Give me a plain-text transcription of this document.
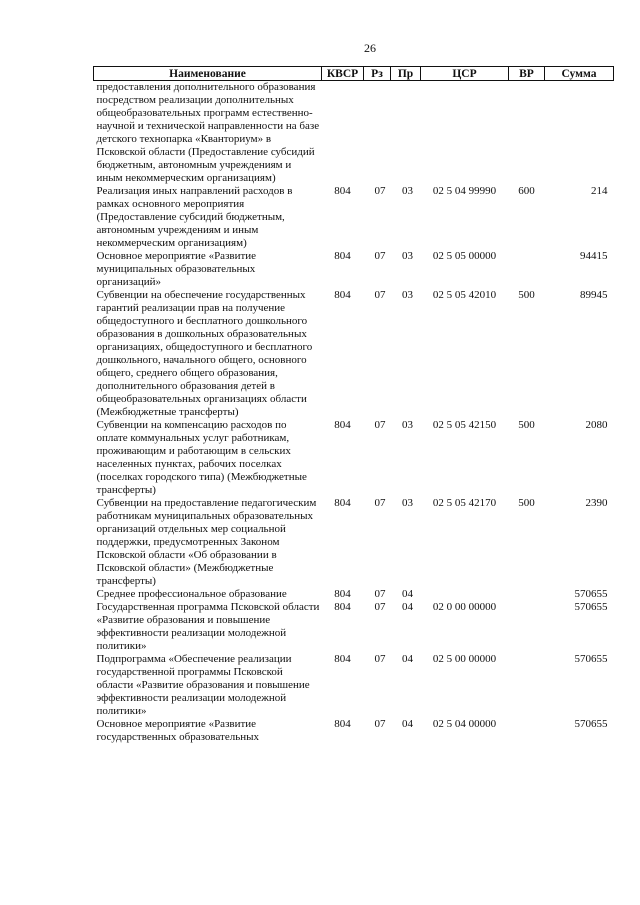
26
Наименование	КВСР	Рз	Пр	ЦСР	ВР	Сумма
предоставления дополнительного образования посредством реализации дополнительных общеобразовательных программ естественно-научной и технической направленности на базе детского технопарка «Кванториум» в Псковской области (Предоставление субсидий бюджетным, автономным учреждениям и иным некоммерческим организациям)						
Реализация иных направлений расходов в рамках основного мероприятия (Предоставление субсидий бюджетным, автономным учреждениям и иным некоммерческим организациям)	804	07	03	02 5 04 99990	600	214
Основное мероприятие «Развитие муниципальных образовательных организаций»	804	07	03	02 5 05 00000		94415
Субвенции на обеспечение государственных гарантий реализации прав на получение общедоступного и бесплатного дошкольного образования в дошкольных образовательных организациях, общедоступного и бесплатного дошкольного, начального общего, основного общего, среднего общего образования, дополнительного образования детей в общеобразовательных организациях области (Межбюджетные трансферты)	804	07	03	02 5 05 42010	500	89945
Субвенции на компенсацию расходов по оплате коммунальных услуг работникам, проживающим и работающим в сельских населенных пунктах, рабочих поселках (поселках городского типа) (Межбюджетные трансферты)	804	07	03	02 5 05 42150	500	2080
Субвенции на предоставление педагогическим работникам муниципальных образовательных организаций отдельных мер социальной поддержки, предусмотренных Законом Псковской области «Об образовании в Псковской области» (Межбюджетные трансферты)	804	07	03	02 5 05 42170	500	2390
Среднее профессиональное образование	804	07	04			570655
Государственная программа Псковской области «Развитие образования и повышение эффективности реализации молодежной политики»	804	07	04	02 0 00 00000		570655
Подпрограмма «Обеспечение реализации государственной программы Псковской области «Развитие образования и повышение эффективности реализации молодежной политики»	804	07	04	02 5 00 00000		570655
Основное мероприятие «Развитие государственных образовательных	804	07	04	02 5 04 00000		570655
